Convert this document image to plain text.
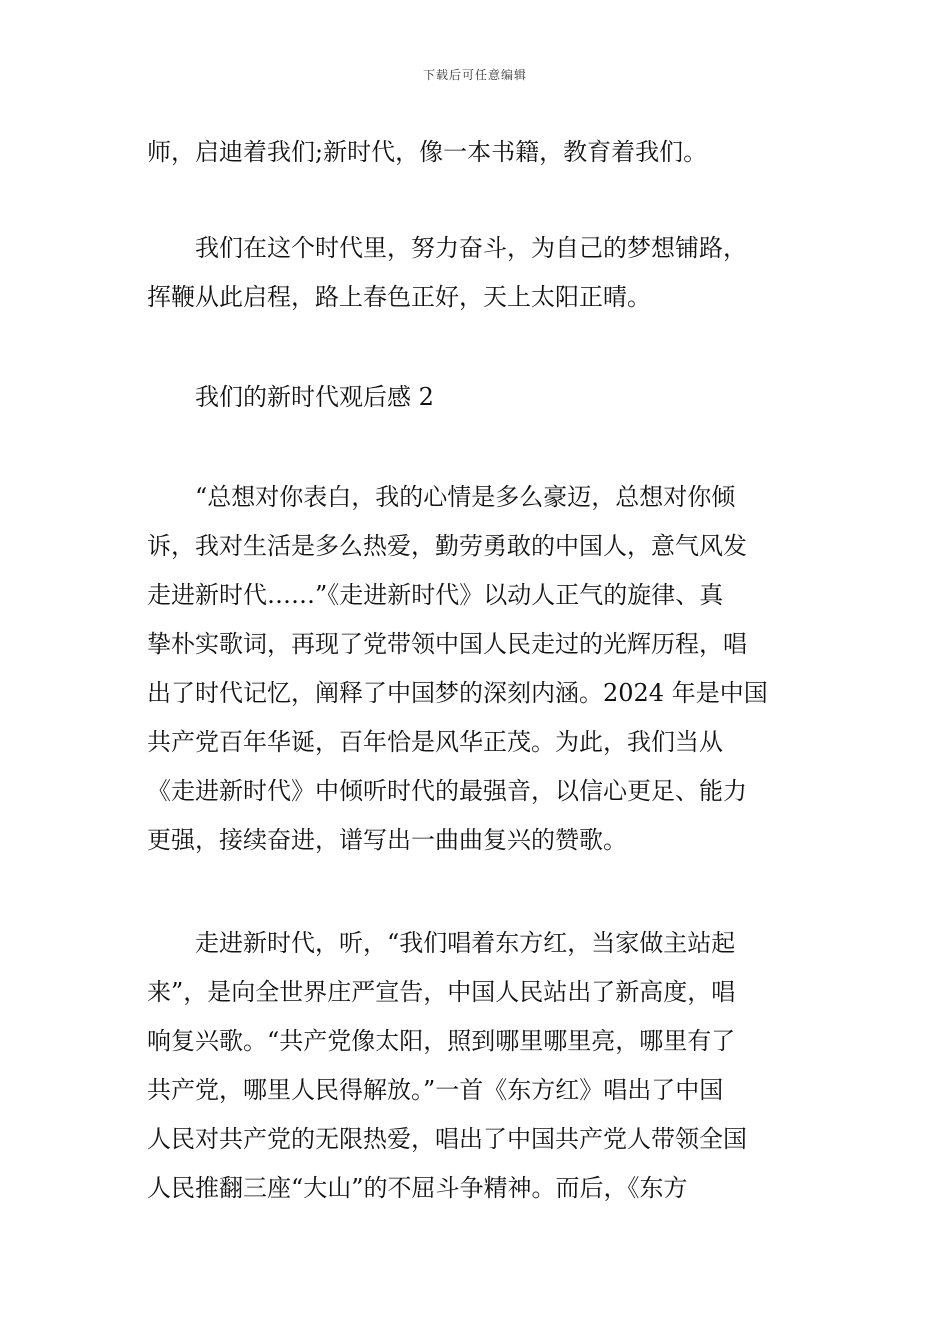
下载后可任意编辑
师，启迪着我们;新时代，像一本书籍，教育着我们。
我们在这个时代里，努力奋斗，为自己的梦想铺路，
挥鞭从此启程，路上春色正好，天上太阳正晴。
我们的新时代观后感 2
“总想对你表白，我的心情是多么豪迈，总想对你倾
诉，我对生活是多么热爱，勤劳勇敢的中国人，意气风发
走进新时代……”《走进新时代》以动人正气的旋律、真
挚朴实歌词，再现了党带领中国人民走过的光辉历程，唱
出了时代记忆，阐释了中国梦的深刻内涵。2024 年是中国
共产党百年华诞，百年恰是风华正茂。为此，我们当从
《走进新时代》中倾听时代的最强音，以信心更足、能力
更强，接续奋进，谱写出一曲曲复兴的赞歌。
走进新时代，听，“我们唱着东方红，当家做主站起
来”，是向全世界庄严宣告，中国人民站出了新高度，唱
响复兴歌。“共产党像太阳，照到哪里哪里亮，哪里有了
共产党，哪里人民得解放。”一首《东方红》唱出了中国
人民对共产党的无限热爱，唱出了中国共产党人带领全国
人民推翻三座“大山”的不屈斗争精神。而后，《东方
